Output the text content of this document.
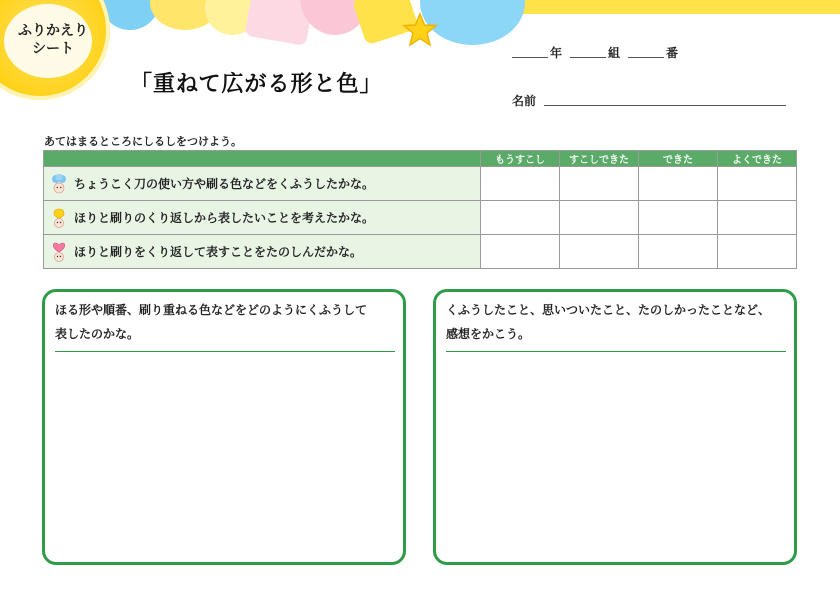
ふりかえり
シート
「重ねて広がる形と色」
年	組	番
名前
あてはまるところにしるしをつけよう。
	もうすこし	すこしできた	できた	よくできた

ちょうこく刀の使い方や刷る色などをくふうしたかな。				

ほりと刷りのくり返しから表したいことを考えたかな。				

ほりと刷りをくり返して表すことをたのしんだかな。				

ほる形や順番、刷り重ねる色などをどのようにくふうして
表したのかな。
くふうしたこと、思いついたこと、たのしかったことなど、
感想をかこう。
